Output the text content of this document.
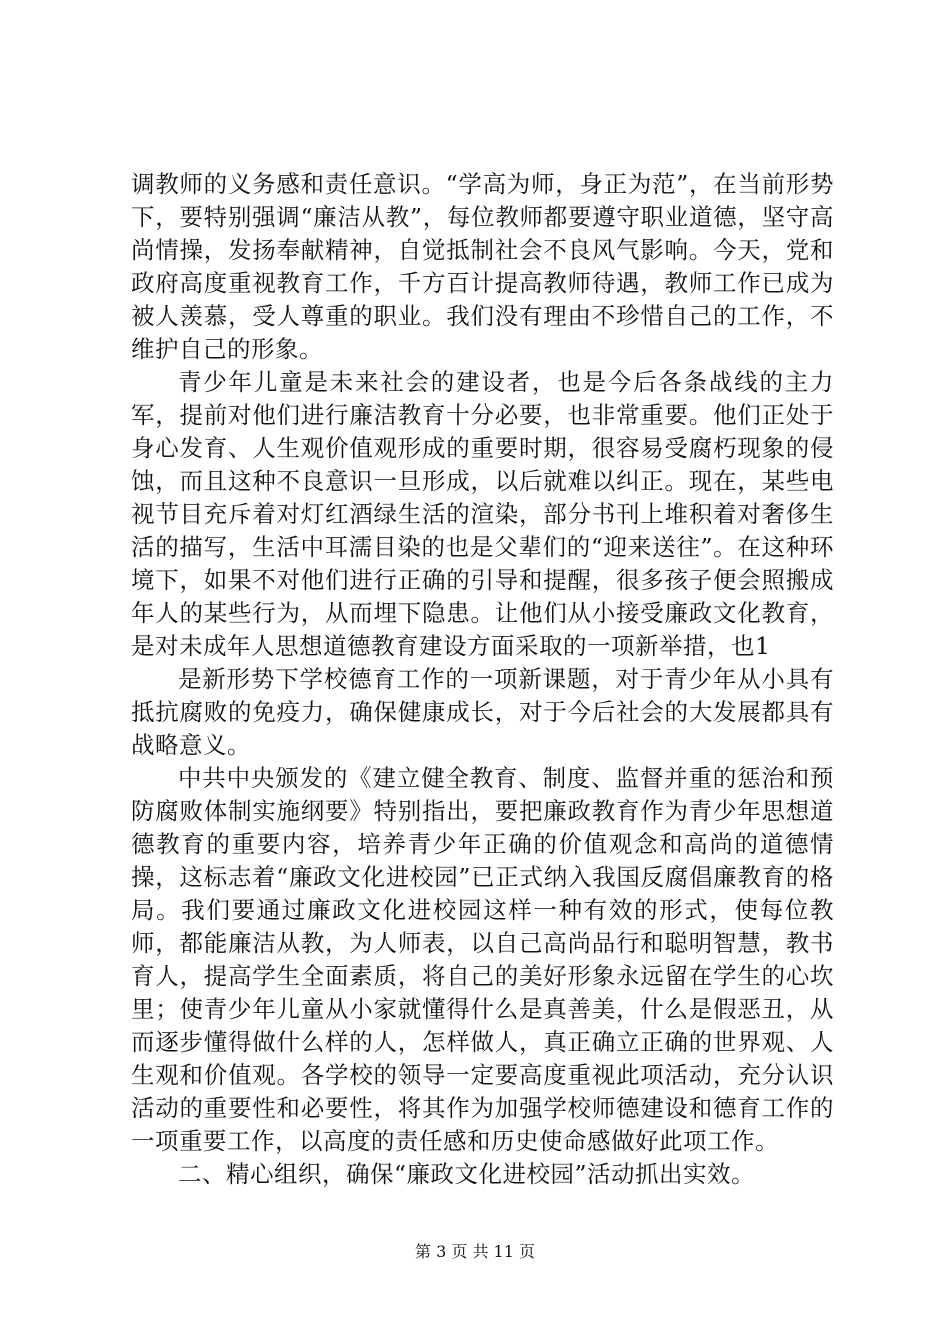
调教师的义务感和责任意识。“学高为师，身正为范”，在当前形势下，要特别强调“廉洁从教”，每位教师都要遵守职业道德，坚守高尚情操，发扬奉献精神，自觉抵制社会不良风气影响。今天，党和政府高度重视教育工作，千方百计提高教师待遇，教师工作已成为被人羡慕，受人尊重的职业。我们没有理由不珍惜自己的工作，不维护自己的形象。

青少年儿童是未来社会的建设者，也是今后各条战线的主力军，提前对他们进行廉洁教育十分必要，也非常重要。他们正处于身心发育、人生观价值观形成的重要时期，很容易受腐朽现象的侵蚀，而且这种不良意识一旦形成，以后就难以纠正。现在，某些电视节目充斥着对灯红酒绿生活的渲染，部分书刊上堆积着对奢侈生活的描写，生活中耳濡目染的也是父辈们的“迎来送往”。在这种环境下，如果不对他们进行正确的引导和提醒，很多孩子便会照搬成年人的某些行为，从而埋下隐患。让他们从小接受廉政文化教育，是对未成年人思想道德教育建设方面采取的一项新举措，也1

是新形势下学校德育工作的一项新课题，对于青少年从小具有抵抗腐败的免疫力，确保健康成长，对于今后社会的大发展都具有战略意义。

中共中央颁发的《建立健全教育、制度、监督并重的惩治和预防腐败体制实施纲要》特别指出，要把廉政教育作为青少年思想道德教育的重要内容，培养青少年正确的价值观念和高尚的道德情操，这标志着“廉政文化进校园”已正式纳入我国反腐倡廉教育的格局。我们要通过廉政文化进校园这样一种有效的形式，使每位教师，都能廉洁从教，为人师表，以自己高尚品行和聪明智慧，教书育人，提高学生全面素质，将自己的美好形象永远留在学生的心坎里；使青少年儿童从小家就懂得什么是真善美，什么是假恶丑，从而逐步懂得做什么样的人，怎样做人，真正确立正确的世界观、人生观和价值观。各学校的领导一定要高度重视此项活动，充分认识活动的重要性和必要性，将其作为加强学校师德建设和德育工作的一项重要工作，以高度的责任感和历史使命感做好此项工作。

二、精心组织，确保“廉政文化进校园”活动抓出实效。

第 3 页 共 11 页
